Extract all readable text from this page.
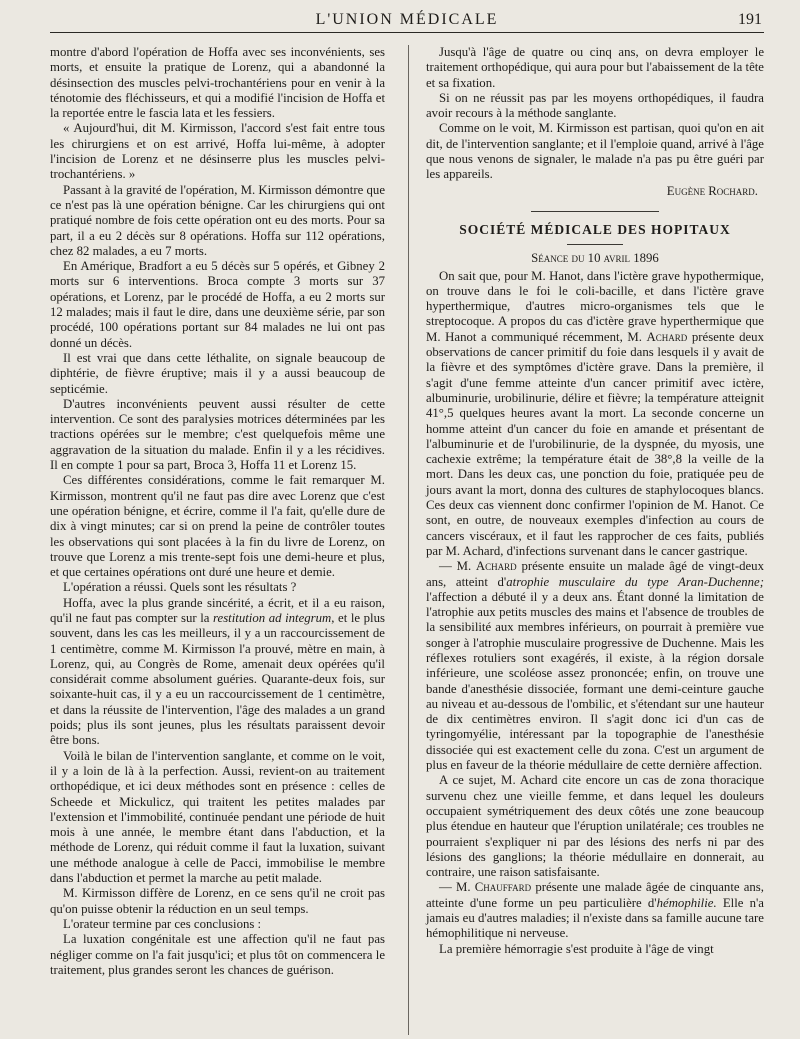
L'UNION MÉDICALE	191

montre d'abord l'opération de Hoffa avec ses inconvénients, ses morts, et ensuite la pratique de Lorenz, qui a abandonné la désinsection des muscles pelvi-trochantériens pour en venir à la ténotomie des fléchisseurs, et qui a modifié l'incision de Hoffa et la reportée entre le fascia lata et les fessiers.

« Aujourd'hui, dit M. Kirmisson, l'accord s'est fait entre tous les chirurgiens et on est arrivé, Hoffa lui-même, à adopter l'incision de Lorenz et ne désinserre plus les muscles pelvi-trochantériens. »

Passant à la gravité de l'opération, M. Kirmisson démontre que ce n'est pas là une opération bénigne. Car les chirurgiens qui ont pratiqué nombre de fois cette opération ont eu des morts. Pour sa part, il a eu 2 décès sur 8 opérations. Hoffa sur 112 opérations, chez 82 malades, a eu 7 morts.

En Amérique, Bradfort a eu 5 décès sur 5 opérés, et Gibney 2 morts sur 6 interventions. Broca compte 3 morts sur 37 opérations, et Lorenz, par le procédé de Hoffa, a eu 2 morts sur 12 malades; mais il faut le dire, dans une deuxième série, par son procédé, 100 opérations portant sur 84 malades ne lui ont pas donné un décès.

Il est vrai que dans cette léthalite, on signale beaucoup de diphtérie, de fièvre éruptive; mais il y a aussi beaucoup de septicémie.

D'autres inconvénients peuvent aussi résulter de cette intervention. Ce sont des paralysies motrices déterminées par les tractions opérées sur le membre; c'est quelquefois même une aggravation de la situation du malade. Enfin il y a les récidives. Il en compte 1 pour sa part, Broca 3, Hoffa 11 et Lorenz 15.

Ces différentes considérations, comme le fait remarquer M. Kirmisson, montrent qu'il ne faut pas dire avec Lorenz que c'est une opération bénigne, et écrire, comme il l'a fait, qu'elle dure de dix à vingt minutes; car si on prend la peine de contrôler toutes les observations qui sont placées à la fin du livre de Lorenz, on trouve que Lorenz a mis trente-sept fois une demi-heure et plus, et que certaines opérations ont duré une heure et demie.

L'opération a réussi. Quels sont les résultats ?

Hoffa, avec la plus grande sincérité, a écrit, et il a eu raison, qu'il ne faut pas compter sur la restitution ad integrum, et le plus souvent, dans les cas les meilleurs, il y a un raccourcissement de 1 centimètre, comme M. Kirmisson l'a prouvé, mètre en main, à Lorenz, qui, au Congrès de Rome, amenait deux opérées qu'il considérait comme absolument guéries. Quarante-deux fois, sur soixante-huit cas, il y a eu un raccourcissement de 1 centimètre, et dans la réussite de l'intervention, l'âge des malades a un grand poids; plus ils sont jeunes, plus les résultats paraissent devoir être bons.

Voilà le bilan de l'intervention sanglante, et comme on le voit, il y a loin de là à la perfection. Aussi, revient-on au traitement orthopédique, et ici deux méthodes sont en présence : celles de Scheede et Mickulicz, qui traitent les petites malades par l'extension et l'immobilité, continuée pendant une période de huit mois à une année, le membre étant dans l'abduction, et la méthode de Lorenz, qui réduit comme il faut la luxation, suivant une méthode analogue à celle de Pacci, immobilise le membre dans l'abduction et permet la marche au petit malade.

M. Kirmisson diffère de Lorenz, en ce sens qu'il ne croit pas qu'on puisse obtenir la réduction en un seul temps.

L'orateur termine par ces conclusions :

La luxation congénitale est une affection qu'il ne faut pas négliger comme on l'a fait jusqu'ici; et plus tôt on commencera le traitement, plus grandes seront les chances de guérison.

Jusqu'à l'âge de quatre ou cinq ans, on devra employer le traitement orthopédique, qui aura pour but l'abaissement de la tête et sa fixation.

Si on ne réussit pas par les moyens orthopédiques, il faudra avoir recours à la méthode sanglante.

Comme on le voit, M. Kirmisson est partisan, quoi qu'on en ait dit, de l'intervention sanglante; et il l'emploie quand, arrivé à l'âge que nous venons de signaler, le malade n'a pas pu être guéri par les appareils.

Eugène Rochard.
SOCIÉTÉ MÉDICALE DES HOPITAUX
Séance du 10 avril 1896

On sait que, pour M. Hanot, dans l'ictère grave hypothermique, on trouve dans le foi le coli-bacille, et dans l'ictère grave hyperthermique, d'autres micro-organismes tels que le streptocoque. A propos du cas d'ictère grave hyperthermique que M. Hanot a communiqué récemment, M. Achard présente deux observations de cancer primitif du foie dans lesquels il y avait de la fièvre et des symptômes d'ictère grave. Dans la première, il s'agit d'une femme atteinte d'un cancer primitif avec ictère, albuminurie, urobilinurie, délire et fièvre; la température atteignit 41°,5 quelques heures avant la mort. La seconde concerne un homme atteint d'un cancer du foie en amande et présentant de l'albuminurie et de l'urobilinurie, de la dyspnée, du myosis, une cachexie extrême; la température était de 38°,8 la veille de la mort. Dans les deux cas, une ponction du foie, pratiquée peu de jours avant la mort, donna des cultures de staphylocoques blancs. Ces deux cas viennent donc confirmer l'opinion de M. Hanot. Ce sont, en outre, de nouveaux exemples d'infection au cours de cancers viscéraux, et il faut les rapprocher de ces faits, publiés par M. Achard, d'infections survenant dans le cancer gastrique.

— M. Achard présente ensuite un malade âgé de vingt-deux ans, atteint d'atrophie musculaire du type Aran-Duchenne; l'affection a débuté il y a deux ans. Étant donné la limitation de l'atrophie aux petits muscles des mains et l'absence de troubles de la sensibilité aux membres inférieurs, on pourrait à première vue songer à l'atrophie musculaire progressive de Duchenne. Mais les réflexes rotuliers sont exagérés, il existe, à la région dorsale inférieure, une scoléose assez prononcée; enfin, on trouve une bande d'anesthésie dissociée, formant une demi-ceinture gauche au niveau et au-dessous de l'ombilic, et s'étendant sur une hauteur de dix centimètres environ. Il s'agit donc ici d'un cas de tyringomyélie, intéressant par la topographie de l'anesthésie dissociée qui est exactement celle du zona. C'est un argument de plus en faveur de la théorie médullaire de cette dernière affection.

A ce sujet, M. Achard cite encore un cas de zona thoracique survenu chez une vieille femme, et dans lequel les douleurs occupaient symétriquement des deux côtés une zone beaucoup plus étendue en hauteur que l'éruption unilatérale; ces troubles ne pourraient s'expliquer ni par des lésions des nerfs ni par des lésions des ganglions; la théorie médullaire en donnerait, au contraire, une raison satisfaisante.

— M. Chauffard présente une malade âgée de cinquante ans, atteinte d'une forme un peu particulière d'hémophilie. Elle n'a jamais eu d'autres maladies; il n'existe dans sa famille aucune tare hémophilitique ni nerveuse.

La première hémorragie s'est produite à l'âge de vingt
